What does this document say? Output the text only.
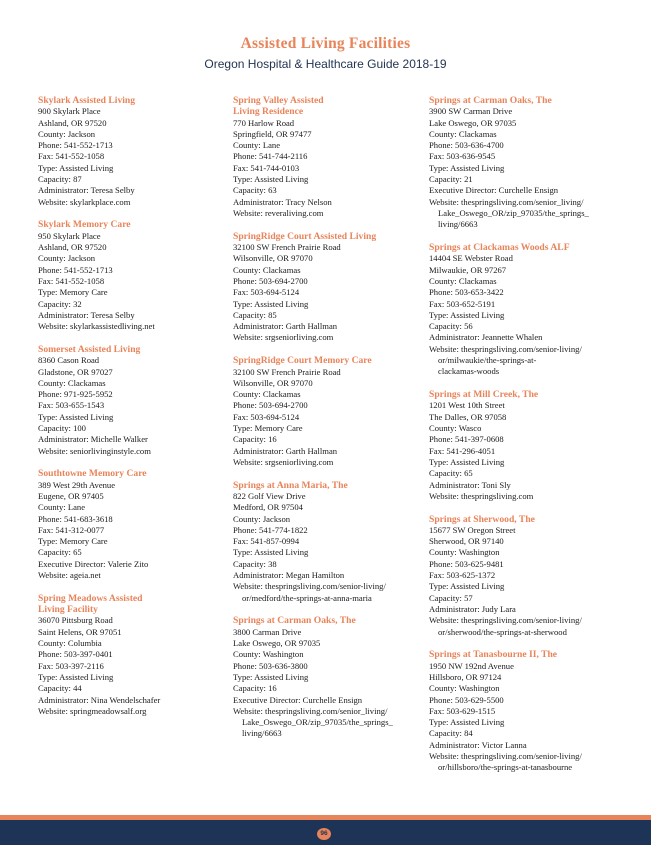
Assisted Living Facilities
Oregon Hospital & Healthcare Guide 2018-19
Skylark Assisted Living
900 Skylark Place
Ashland, OR 97520
County: Jackson
Phone: 541-552-1713
Fax: 541-552-1058
Type: Assisted Living
Capacity: 87
Administrator: Teresa Selby
Website: skylarkplace.com
Skylark Memory Care
950 Skylark Place
Ashland, OR 97520
County: Jackson
Phone: 541-552-1713
Fax: 541-552-1058
Type: Memory Care
Capacity: 32
Administrator: Teresa Selby
Website: skylarkassistedliving.net
Somerset Assisted Living
8360 Cason Road
Gladstone, OR 97027
County: Clackamas
Phone: 971-925-5952
Fax: 503-655-1543
Type: Assisted Living
Capacity: 100
Administrator: Michelle Walker
Website: seniorlivinginstyle.com
Southtowne Memory Care
389 West 29th Avenue
Eugene, OR 97405
County: Lane
Phone: 541-683-3618
Fax: 541-312-0077
Type: Memory Care
Capacity: 65
Executive Director: Valerie Zito
Website: ageia.net
Spring Meadows Assisted
Living Facility
36070 Pittsburg Road
Saint Helens, OR 97051
County: Columbia
Phone: 503-397-0401
Fax: 503-397-2116
Type: Assisted Living
Capacity: 44
Administrator: Nina Wendelschafer
Website: springmeadowsalf.org
Spring Valley Assisted
Living Residence
770 Harlow Road
Springfield, OR 97477
County: Lane
Phone: 541-744-2116
Fax: 541-744-0103
Type: Assisted Living
Capacity: 63
Administrator: Tracy Nelson
Website: reveraliving.com
SpringRidge Court Assisted Living
32100 SW French Prairie Road
Wilsonville, OR 97070
County: Clackamas
Phone: 503-694-2700
Fax: 503-694-5124
Type: Assisted Living
Capacity: 85
Administrator: Garth Hallman
Website: srgseniorliving.com
SpringRidge Court Memory Care
32100 SW French Prairie Road
Wilsonville, OR 97070
County: Clackamas
Phone: 503-694-2700
Fax: 503-694-5124
Type: Memory Care
Capacity: 16
Administrator: Garth Hallman
Website: srgseniorliving.com
Springs at Anna Maria, The
822 Golf View Drive
Medford, OR 97504
County: Jackson
Phone: 541-774-1822
Fax: 541-857-0994
Type: Assisted Living
Capacity: 38
Administrator: Megan Hamilton
Website: thespringsliving.com/senior-living/
or/medford/the-springs-at-anna-maria
Springs at Carman Oaks, The
3800 Carman Drive
Lake Oswego, OR 97035
County: Washington
Phone: 503-636-3800
Type: Assisted Living
Capacity: 16
Executive Director: Curchelle Ensign
Website: thespringsliving.com/senior_living/
Lake_Oswego_OR/zip_97035/the_springs_
living/6663
Springs at Carman Oaks, The
3900 SW Carman Drive
Lake Oswego, OR 97035
County: Clackamas
Phone: 503-636-4700
Fax: 503-636-9545
Type: Assisted Living
Capacity: 21
Executive Director: Curchelle Ensign
Website: thespringsliving.com/senior_living/
Lake_Oswego_OR/zip_97035/the_springs_
living/6663
Springs at Clackamas Woods ALF
14404 SE Webster Road
Milwaukie, OR 97267
County: Clackamas
Phone: 503-653-3422
Fax: 503-652-5191
Type: Assisted Living
Capacity: 56
Administrator: Jeannette Whalen
Website: thespringsliving.com/senior-living/
or/milwaukie/the-springs-at-
clackamas-woods
Springs at Mill Creek, The
1201 West 10th Street
The Dalles, OR 97058
County: Wasco
Phone: 541-397-0608
Fax: 541-296-4051
Type: Assisted Living
Capacity: 65
Administrator: Toni Sly
Website: thespringsliving.com
Springs at Sherwood, The
15677 SW Oregon Street
Sherwood, OR 97140
County: Washington
Phone: 503-625-9481
Fax: 503-625-1372
Type: Assisted Living
Capacity: 57
Administrator: Judy Lara
Website: thespringsliving.com/senior-living/
or/sherwood/the-springs-at-sherwood
Springs at Tanasbourne II, The
1950 NW 192nd Avenue
Hillsboro, OR 97124
County: Washington
Phone: 503-629-5500
Fax: 503-629-1515
Type: Assisted Living
Capacity: 84
Administrator: Victor Lanna
Website: thespringsliving.com/senior-living/
or/hillsboro/the-springs-at-tanasbourne
96
